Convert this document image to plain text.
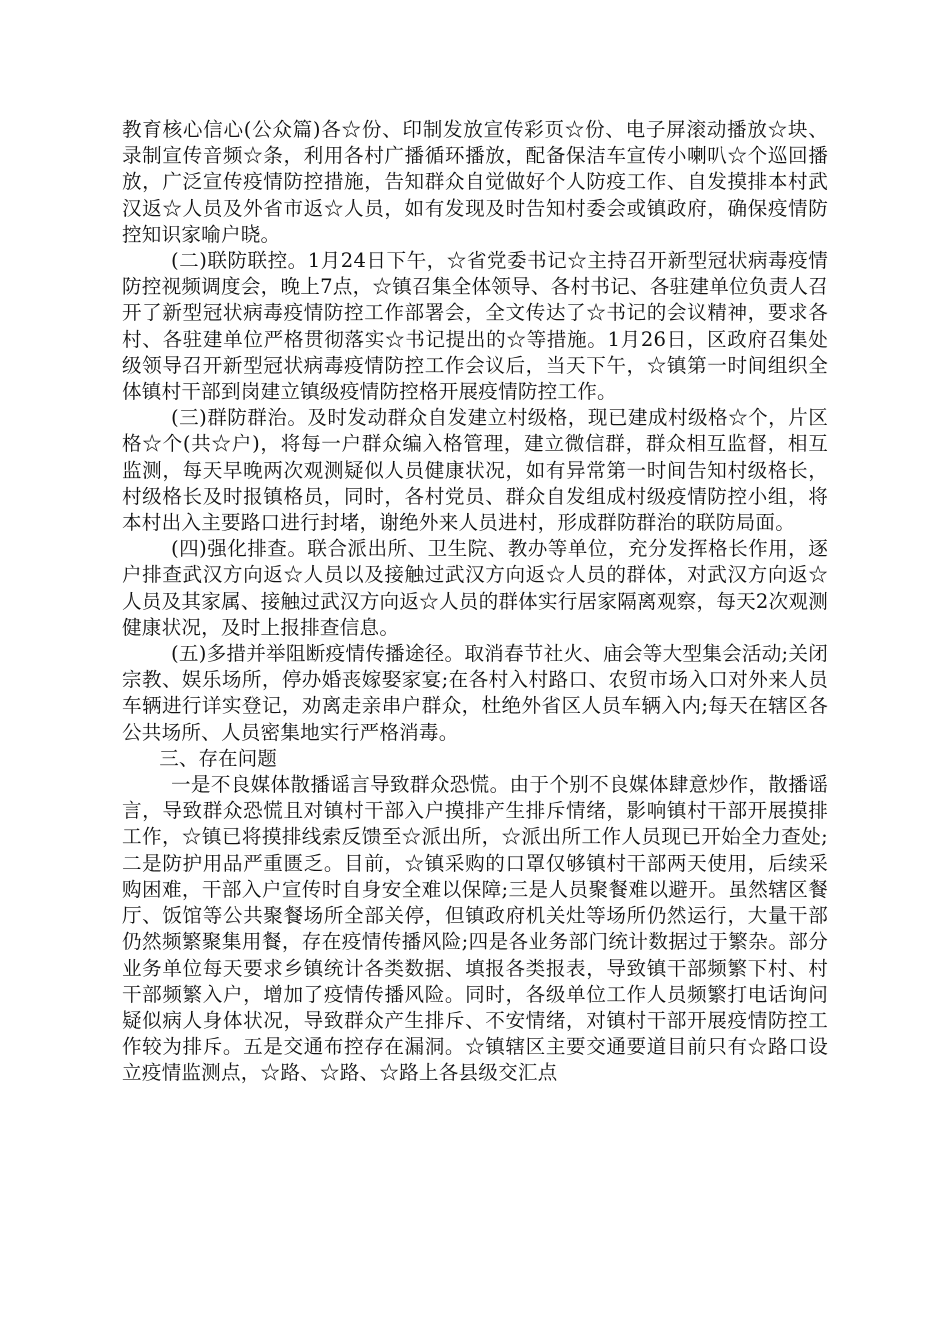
教育核心信心(公众篇)各☆份、印制发放宣传彩页☆份、电子屏滚动播放☆块、录制宣传音频☆条，利用各村广播循环播放，配备保洁车宣传小喇叭☆个巡回播放，广泛宣传疫情防控措施，告知群众自觉做好个人防疫工作、自发摸排本村武汉返☆人员及外省市返☆人员，如有发现及时告知村委会或镇政府，确保疫情防控知识家喻户晓。

(二)联防联控。1月24日下午，☆省党委书记☆主持召开新型冠状病毒疫情防控视频调度会，晚上7点，☆镇召集全体领导、各村书记、各驻建单位负责人召开了新型冠状病毒疫情防控工作部署会，全文传达了☆书记的会议精神，要求各村、各驻建单位严格贯彻落实☆书记提出的☆等措施。1月26日，区政府召集处级领导召开新型冠状病毒疫情防控工作会议后，当天下午，☆镇第一时间组织全体镇村干部到岗建立镇级疫情防控格开展疫情防控工作。

(三)群防群治。及时发动群众自发建立村级格，现已建成村级格☆个，片区格☆个(共☆户)，将每一户群众编入格管理，建立微信群，群众相互监督，相互监测，每天早晚两次观测疑似人员健康状况，如有异常第一时间告知村级格长，村级格长及时报镇格员，同时，各村党员、群众自发组成村级疫情防控小组，将本村出入主要路口进行封堵，谢绝外来人员进村，形成群防群治的联防局面。

(四)强化排查。联合派出所、卫生院、教办等单位，充分发挥格长作用，逐户排查武汉方向返☆人员以及接触过武汉方向返☆人员的群体，对武汉方向返☆人员及其家属、接触过武汉方向返☆人员的群体实行居家隔离观察，每天2次观测健康状况，及时上报排查信息。

(五)多措并举阻断疫情传播途径。取消春节社火、庙会等大型集会活动;关闭宗教、娱乐场所，停办婚丧嫁娶家宴;在各村入村路口、农贸市场入口对外来人员车辆进行详实登记，劝离走亲串户群众，杜绝外省区人员车辆入内;每天在辖区各公共场所、人员密集地实行严格消毒。

三、存在问题

一是不良媒体散播谣言导致群众恐慌。由于个别不良媒体肆意炒作，散播谣言，导致群众恐慌且对镇村干部入户摸排产生排斥情绪，影响镇村干部开展摸排工作，☆镇已将摸排线索反馈至☆派出所，☆派出所工作人员现已开始全力查处;二是防护用品严重匮乏。目前，☆镇采购的口罩仅够镇村干部两天使用，后续采购困难，干部入户宣传时自身安全难以保障;三是人员聚餐难以避开。虽然辖区餐厅、饭馆等公共聚餐场所全部关停，但镇政府机关灶等场所仍然运行，大量干部仍然频繁聚集用餐，存在疫情传播风险;四是各业务部门统计数据过于繁杂。部分业务单位每天要求乡镇统计各类数据、填报各类报表，导致镇干部频繁下村、村干部频繁入户，增加了疫情传播风险。同时，各级单位工作人员频繁打电话询问疑似病人身体状况，导致群众产生排斥、不安情绪，对镇村干部开展疫情防控工作较为排斥。五是交通布控存在漏洞。☆镇辖区主要交通要道目前只有☆路口设立疫情监测点，☆路、☆路、☆路上各县级交汇点
